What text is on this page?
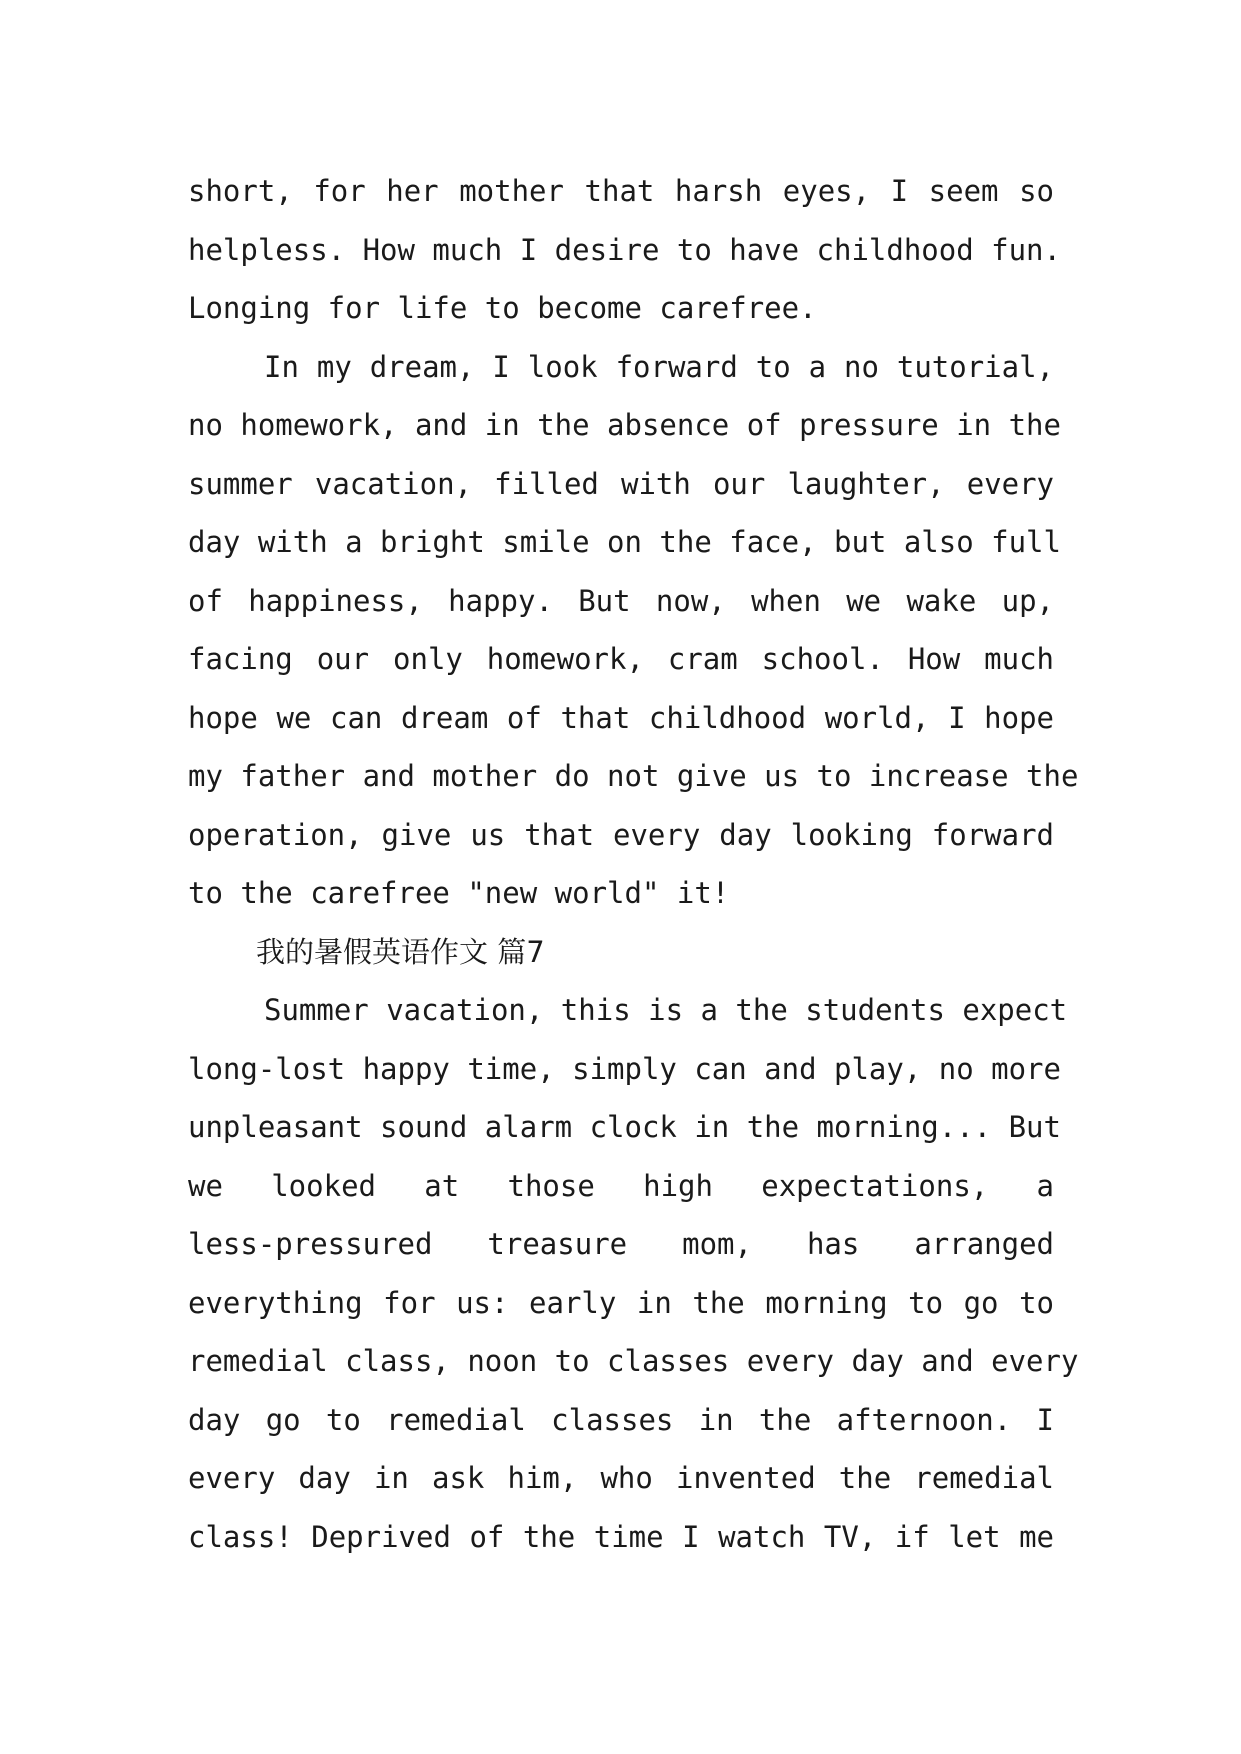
short, for her mother that harsh eyes, I seem so
helpless. How much I desire to have childhood fun.
Longing for life to become carefree.
In my dream, I look forward to a no tutorial,
no homework, and in the absence of pressure in the
summer vacation, filled with our laughter, every
day with a bright smile on the face, but also full
of happiness, happy. But now, when we wake up,
facing our only homework, cram school. How much
hope we can dream of that childhood world, I hope
my father and mother do not give us to increase the
operation, give us that every day looking forward
to the carefree "new world" it!
我的暑假英语作文 篇7
Summer vacation, this is a the students expect
long-lost happy time, simply can and play, no more
unpleasant sound alarm clock in the morning... But
we looked at those high expectations, a
less-pressured treasure mom, has arranged
everything for us: early in the morning to go to
remedial class, noon to classes every day and every
day go to remedial classes in the afternoon. I
every day in ask him, who invented the remedial
class! Deprived of the time I watch TV, if let me
